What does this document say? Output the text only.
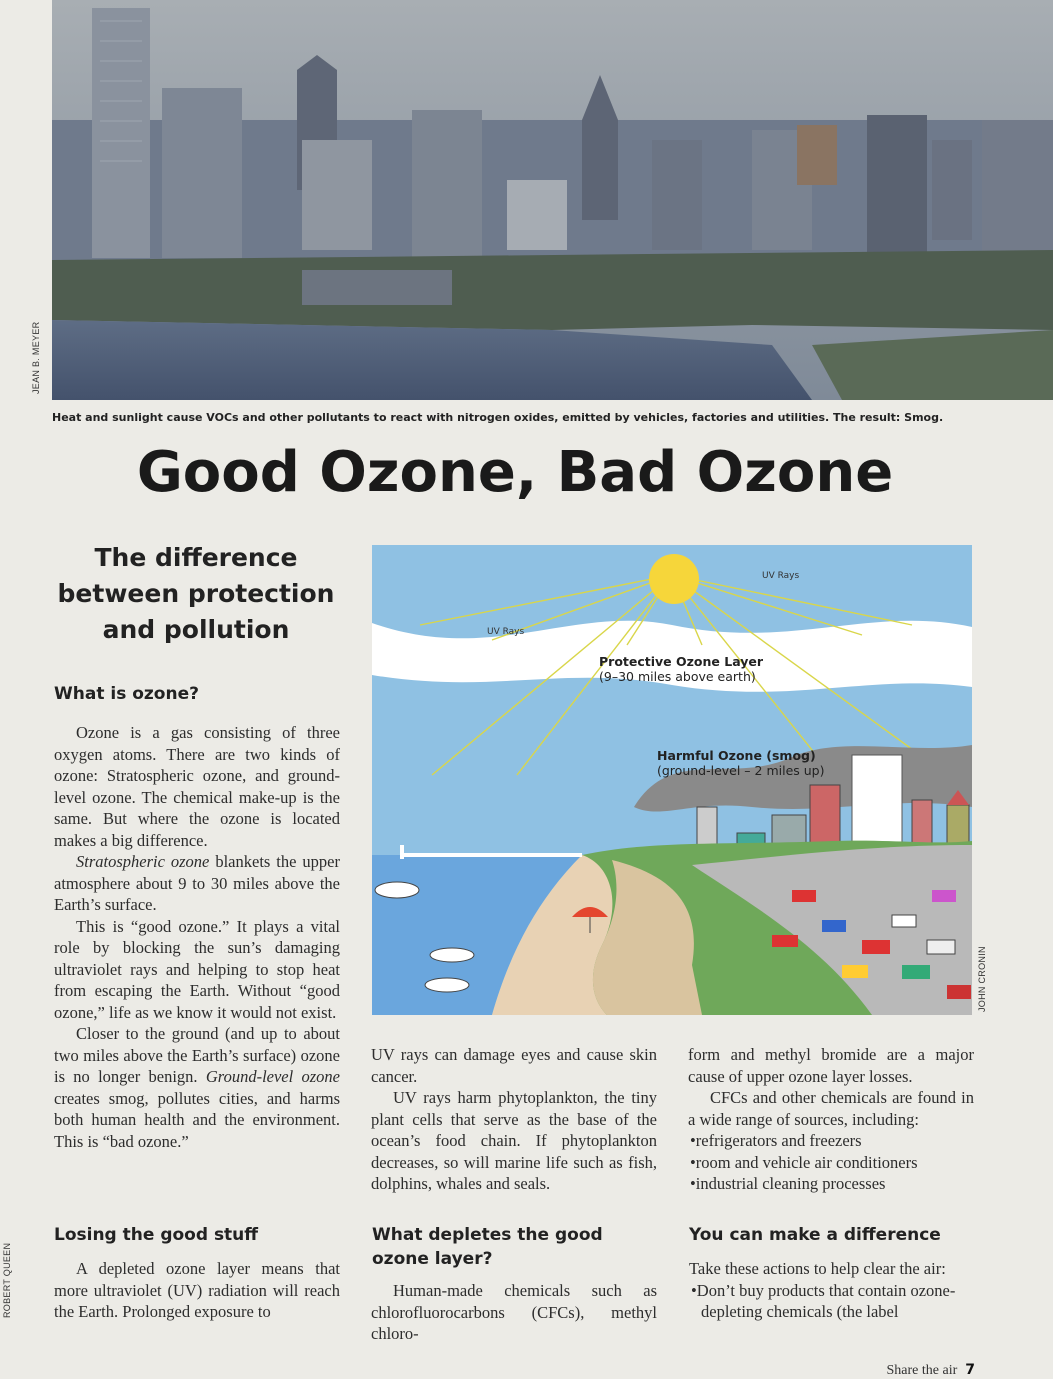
JEAN B. MEYER
Heat and sunlight cause VOCs and other pollutants to react with nitrogen oxides, emitted by vehicles, factories and utilities. The result: Smog.
Good Ozone, Bad Ozone
The difference between protection and pollution	UV Rays
UV Rays
Protective Ozone Layer
(9–30 miles above earth)
Harmful Ozone (smog)
(ground-level – 2 miles up)
JOHN CRONIN
What is ozone?

Ozone is a gas consisting of three oxygen atoms. There are two kinds of ozone: Stratospheric ozone, and ground-level ozone. The chemical make-up is the same. But where the ozone is located makes a big difference.

Stratospheric ozone blankets the upper atmosphere about 9 to 30 miles above the Earth’s surface.

This is “good ozone.” It plays a vital role by blocking the sun’s damaging ultraviolet rays and helping to stop heat from escaping the Earth. Without “good ozone,” life as we know it would not exist.

Closer to the ground (and up to about two miles above the Earth’s surface) ozone is no longer benign. Ground-level ozone creates smog, pollutes cities, and harms both human health and the environment. This is “bad ozone.”

Losing the good stuff

A depleted ozone layer means that more ultraviolet (UV) radiation will reach the Earth. Prolonged exposure to

UV rays can damage eyes and cause skin cancer.

UV rays harm phytoplankton, the tiny plant cells that serve as the base of the ocean’s food chain. If phytoplankton decreases, so will marine life such as fish, dolphins, whales and seals.

What depletes the good ozone layer?

Human-made chemicals such as chlorofluorocarbons (CFCs), methyl chloro-

form and methyl bromide are a major cause of upper ozone layer losses.

CFCs and other chemicals are found in a wide range of sources, including:

•refrigerators and freezers
•room and vehicle air conditioners
•industrial cleaning processes
You can make a difference

Take these actions to help clear the air:

•Don’t buy products that contain ozone-depleting chemicals (the label
ROBERT QUEEN
Share the air 7
